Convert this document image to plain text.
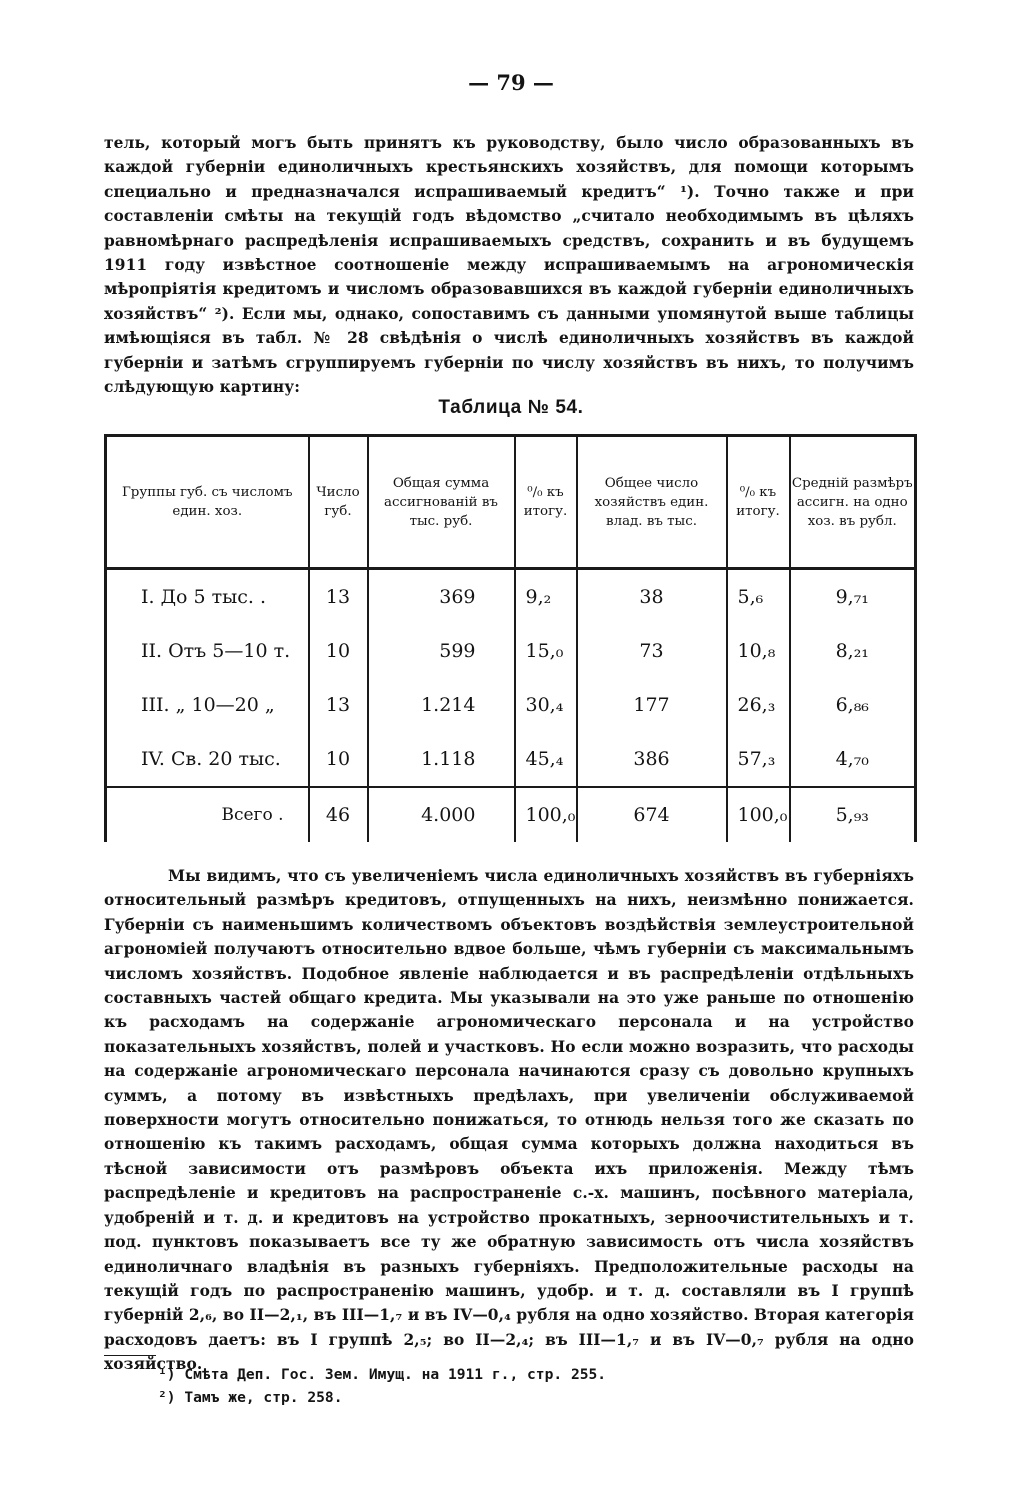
— 79 —

тель, который могъ быть принятъ къ руководству, было число образованныхъ въ каждой губерніи единоличныхъ крестьянскихъ хозяйствъ, для помощи которымъ специально и предназначался испрашиваемый кредитъ“ ¹). Точно также и при составленіи смѣты на текущій годъ вѣдомство „считало необходимымъ въ цѣляхъ равномѣрнаго распредѣленія испрашиваемыхъ средствъ, сохранить и въ будущемъ 1911 году извѣстное соотношеніе между испрашиваемымъ на агрономическія мѣропріятія кредитомъ и числомъ образовавшихся въ каждой губерніи единоличныхъ хозяйствъ“ ²). Если мы, однако, сопоставимъ съ данными упомянутой выше таблицы имѣющіяся въ табл. № 28 свѣдѣнія о числѣ единоличныхъ хозяйствъ въ каждой губерніи и затѣмъ сгруппируемъ губерніи по числу хозяйствъ въ нихъ, то получимъ слѣдующую картину:

Таблица № 54.
Группы губ. съ числомъ един. хоз.	Число губ.	Общая сумма ассигнованій въ тыс. руб.	⁰/₀ къ итогу.	Общее число хозяйствъ един. влад. въ тыс.	⁰/₀ къ итогу.	Средній размѣръ ассигн. на одно хоз. въ рубл.
I. До 5 тыс. .	13	369	9,₂	38	5,₆	9,₇₁
II. Отъ 5—10 т.	10	599	15,₀	73	10,₈	8,₂₁
III. „ 10—20 „	13	1.214	30,₄	177	26,₃	6,₈₆
IV. Св. 20 тыс.	10	1.118	45,₄	386	57,₃	4,₇₀
Всего .	46	4.000	100,₀	674	100,₀	5,₉₃

Мы видимъ, что съ увеличеніемъ числа единоличныхъ хозяйствъ въ губерніяхъ относительный размѣръ кредитовъ, отпущенныхъ на нихъ, неизмѣнно понижается. Губерніи съ наименьшимъ количествомъ объектовъ воздѣйствія землеустроительной агрономіей получаютъ относительно вдвое больше, чѣмъ губерніи съ максимальнымъ числомъ хозяйствъ. Подобное явленіе наблюдается и въ распредѣленіи отдѣльныхъ составныхъ частей общаго кредита. Мы указывали на это уже раньше по отношенію къ расходамъ на содержаніе агрономическаго персонала и на устройство показательныхъ хозяйствъ, полей и участковъ. Но если можно возразить, что расходы на содержаніе агрономическаго персонала начинаются сразу съ довольно крупныхъ суммъ, а потому въ извѣстныхъ предѣлахъ, при увеличеніи обслуживаемой поверхности могутъ относительно понижаться, то отнюдь нельзя того же сказать по отношенію къ такимъ расходамъ, общая сумма которыхъ должна находиться въ тѣсной зависимости отъ размѣровъ объекта ихъ приложенія. Между тѣмъ распредѣленіе и кредитовъ на распространеніе с.-х. машинъ, посѣвного матеріала, удобреній и т. д. и кредитовъ на устройство прокатныхъ, зерноочистительныхъ и т. под. пунктовъ показываетъ все ту же обратную зависимость отъ числа хозяйствъ единоличнаго владѣнія въ разныхъ губерніяхъ. Предположительные расходы на текущій годъ по распространенію машинъ, удобр. и т. д. составляли въ I группѣ губерній 2,₆, во II—2,₁, въ III—1,₇ и въ IV—0,₄ рубля на одно хозяйство. Вторая категорія расходовъ даетъ: въ I группѣ 2,₅; во II—2,₄; въ III—1,₇ и въ IV—0,₇ рубля на одно хозяйство.

¹) Смѣта Деп. Гос. Зем. Имущ. на 1911 г., стр. 255.
²) Тамъ же, стр. 258.
